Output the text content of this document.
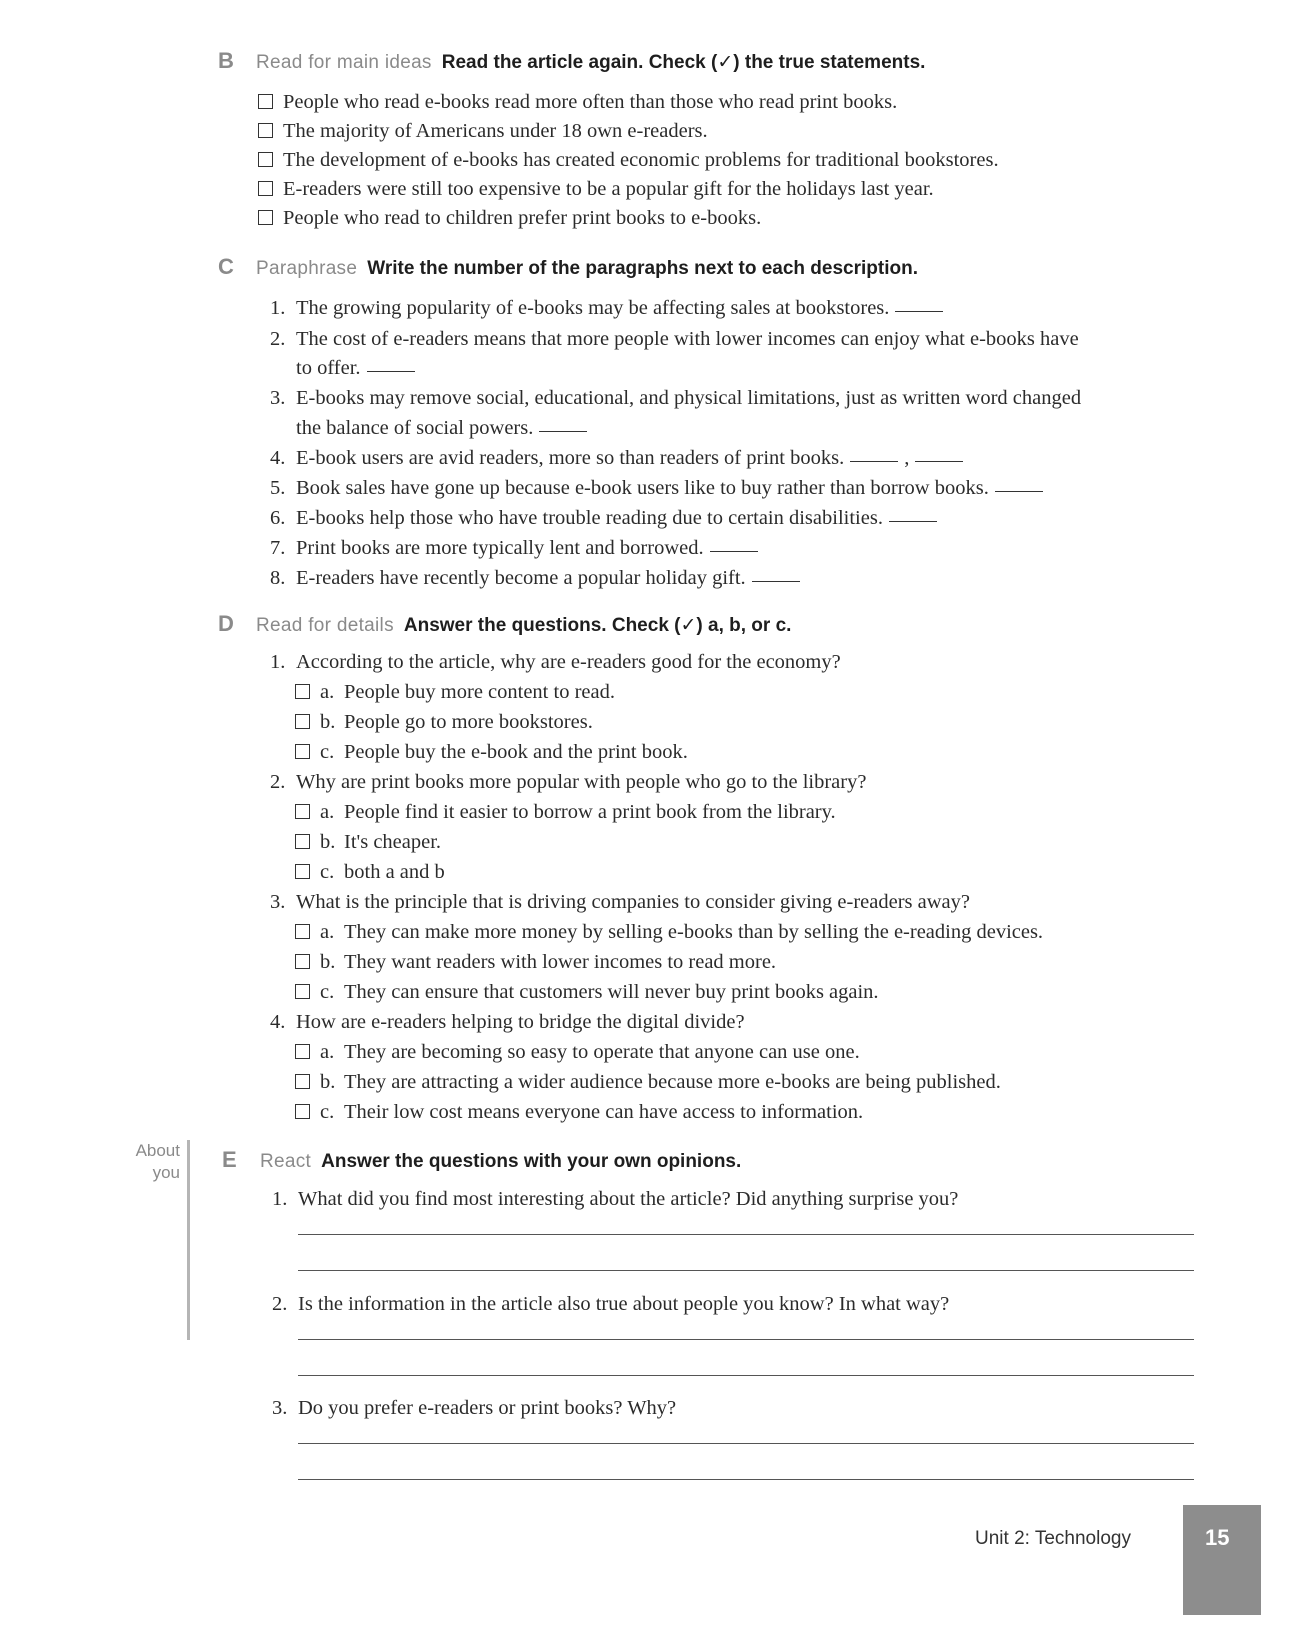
B	Read for main ideas Read the article again. Check (✓) the true statements.
People who read e-books read more often than those who read print books.
The majority of Americans under 18 own e-readers.
The development of e-books has created economic problems for traditional bookstores.
E-readers were still too expensive to be a popular gift for the holidays last year.
People who read to children prefer print books to e-books.
C	Paraphrase Write the number of the paragraphs next to each description.
1. The growing popularity of e-books may be affecting sales at bookstores.
2. The cost of e-readers means that more people with lower incomes can enjoy what e-books have
to offer.
3. E-books may remove social, educational, and physical limitations, just as written word changed
the balance of social powers.
4. E-book users are avid readers, more so than readers of print books.	,
5. Book sales have gone up because e-book users like to buy rather than borrow books.
6. E-books help those who have trouble reading due to certain disabilities.
7. Print books are more typically lent and borrowed.
8. E-readers have recently become a popular holiday gift.
D	Read for details Answer the questions. Check (✓) a, b, or c.
1. According to the article, why are e-readers good for the economy?
a. People buy more content to read.
b. People go to more bookstores.
c. People buy the e-book and the print book.
2. Why are print books more popular with people who go to the library?
a. People find it easier to borrow a print book from the library.
b. It's cheaper.
c. both a and b
3. What is the principle that is driving companies to consider giving e-readers away?
a. They can make more money by selling e-books than by selling the e-reading devices.
b. They want readers with lower incomes to read more.
c. They can ensure that customers will never buy print books again.
4. How are e-readers helping to bridge the digital divide?
a. They are becoming so easy to operate that anyone can use one.
b. They are attracting a wider audience because more e-books are being published.
c. Their low cost means everyone can have access to information.
About
you
E	React Answer the questions with your own opinions.
1. What did you find most interesting about the article? Did anything surprise you?
2. Is the information in the article also true about people you know? In what way?
3. Do you prefer e-readers or print books? Why?
Unit 2: Technology	15
